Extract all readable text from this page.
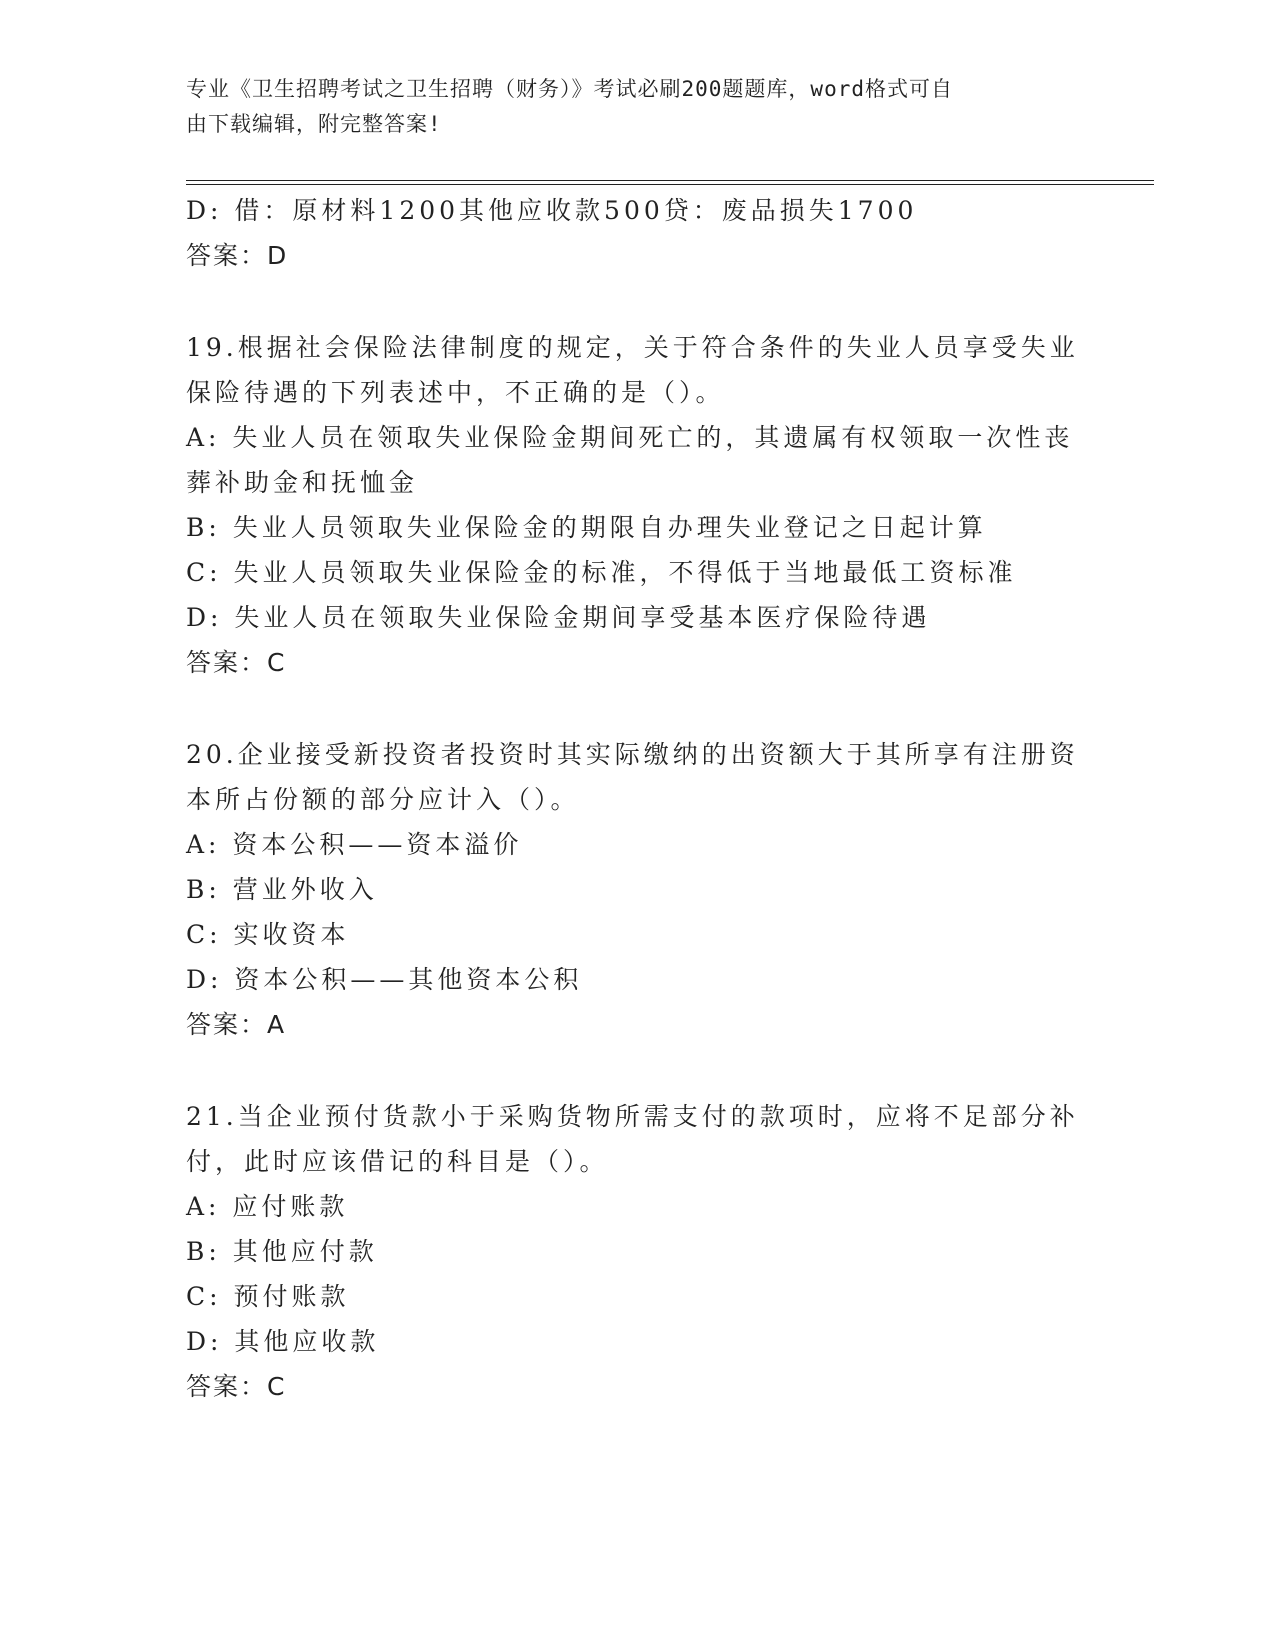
专业《卫生招聘考试之卫生招聘（财务）》考试必刷200题题库，word格式可自
由下载编辑，附完整答案!
D: 借：原材料1200其他应收款500贷：废品损失1700
答案：D
19.根据社会保险法律制度的规定，关于符合条件的失业人员享受失业
保险待遇的下列表述中，不正确的是（）。
A: 失业人员在领取失业保险金期间死亡的，其遗属有权领取一次性丧
葬补助金和抚恤金
B: 失业人员领取失业保险金的期限自办理失业登记之日起计算
C: 失业人员领取失业保险金的标准，不得低于当地最低工资标准
D: 失业人员在领取失业保险金期间享受基本医疗保险待遇
答案：C
20.企业接受新投资者投资时其实际缴纳的出资额大于其所享有注册资
本所占份额的部分应计入（）。
A: 资本公积——资本溢价
B: 营业外收入
C: 实收资本
D: 资本公积——其他资本公积
答案：A
21.当企业预付货款小于采购货物所需支付的款项时，应将不足部分补
付，此时应该借记的科目是（）。
A: 应付账款
B: 其他应付款
C: 预付账款
D: 其他应收款
答案：C
